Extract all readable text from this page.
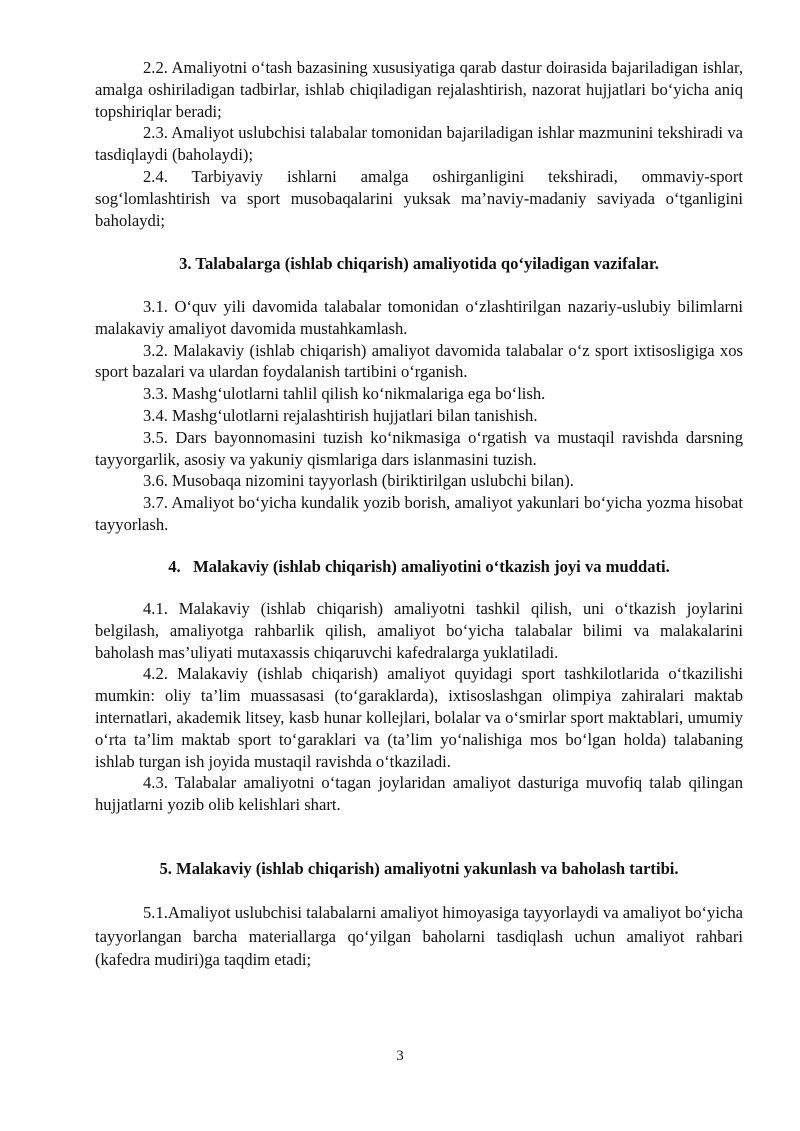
2.2. Amaliyotni o‘tash bazasining xususiyatiga qarab dastur doirasida bajariladigan ishlar, amalga oshiriladigan tadbirlar, ishlab chiqiladigan rejalashtirish, nazorat hujjatlari bo‘yicha aniq topshiriqlar beradi;

2.3. Amaliyot uslubchisi talabalar tomonidan bajariladigan ishlar mazmunini tekshiradi va tasdiqlaydi (baholaydi);

2.4. Tarbiyaviy ishlarni amalga oshirganligini tekshiradi, ommaviy-sport sog‘lomlashtirish va sport musobaqalarini yuksak ma’naviy-madaniy saviyada o‘tganligini baholaydi;

3. Talabalarga (ishlab chiqarish) amaliyotida qo‘yiladigan vazifalar.

3.1. O‘quv yili davomida talabalar tomonidan o‘zlashtirilgan nazariy-uslubiy bilimlarni malakaviy amaliyot davomida mustahkamlash.

3.2. Malakaviy (ishlab chiqarish) amaliyot davomida talabalar o‘z sport ixtisosligiga xos sport bazalari va ulardan foydalanish tartibini o‘rganish.

3.3. Mashg‘ulotlarni tahlil qilish ko‘nikmalariga ega bo‘lish.

3.4. Mashg‘ulotlarni rejalashtirish hujjatlari bilan tanishish.

3.5. Dars bayonnomasini tuzish ko‘nikmasiga o‘rgatish va mustaqil ravishda darsning tayyorgarlik, asosiy va yakuniy qismlariga dars islanmasini tuzish.

3.6. Musobaqa nizomini tayyorlash (biriktirilgan uslubchi bilan).

3.7. Amaliyot bo‘yicha kundalik yozib borish, amaliyot yakunlari bo‘yicha yozma hisobat tayyorlash.

4.   Malakaviy (ishlab chiqarish) amaliyotini o‘tkazish joyi va muddati.

4.1. Malakaviy (ishlab chiqarish) amaliyotni tashkil qilish, uni o‘tkazish joylarini belgilash, amaliyotga rahbarlik qilish, amaliyot bo‘yicha talabalar bilimi va malakalarini baholash mas’uliyati mutaxassis chiqaruvchi kafedralarga yuklatiladi.

4.2. Malakaviy (ishlab chiqarish) amaliyot quyidagi sport tashkilotlarida o‘tkazilishi mumkin: oliy ta’lim muassasasi (to‘garaklarda), ixtisoslashgan olimpiya zahiralari maktab internatlari, akademik litsey, kasb hunar kollejlari, bolalar va o‘smirlar sport maktablari, umumiy o‘rta ta’lim maktab sport to‘garaklari va (ta’lim yo‘nalishiga mos bo‘lgan holda) talabaning ishlab turgan ish joyida mustaqil ravishda o‘tkaziladi.

4.3. Talabalar amaliyotni o‘tagan joylaridan amaliyot dasturiga muvofiq talab qilingan hujjatlarni yozib olib kelishlari shart.

5. Malakaviy (ishlab chiqarish) amaliyotni yakunlash va baholash tartibi.

5.1.Amaliyot uslubchisi talabalarni amaliyot himoyasiga tayyorlaydi va amaliyot bo‘yicha tayyorlangan barcha materiallarga qo‘yilgan baholarni tasdiqlash uchun amaliyot rahbari (kafedra mudiri)ga taqdim etadi;

3
